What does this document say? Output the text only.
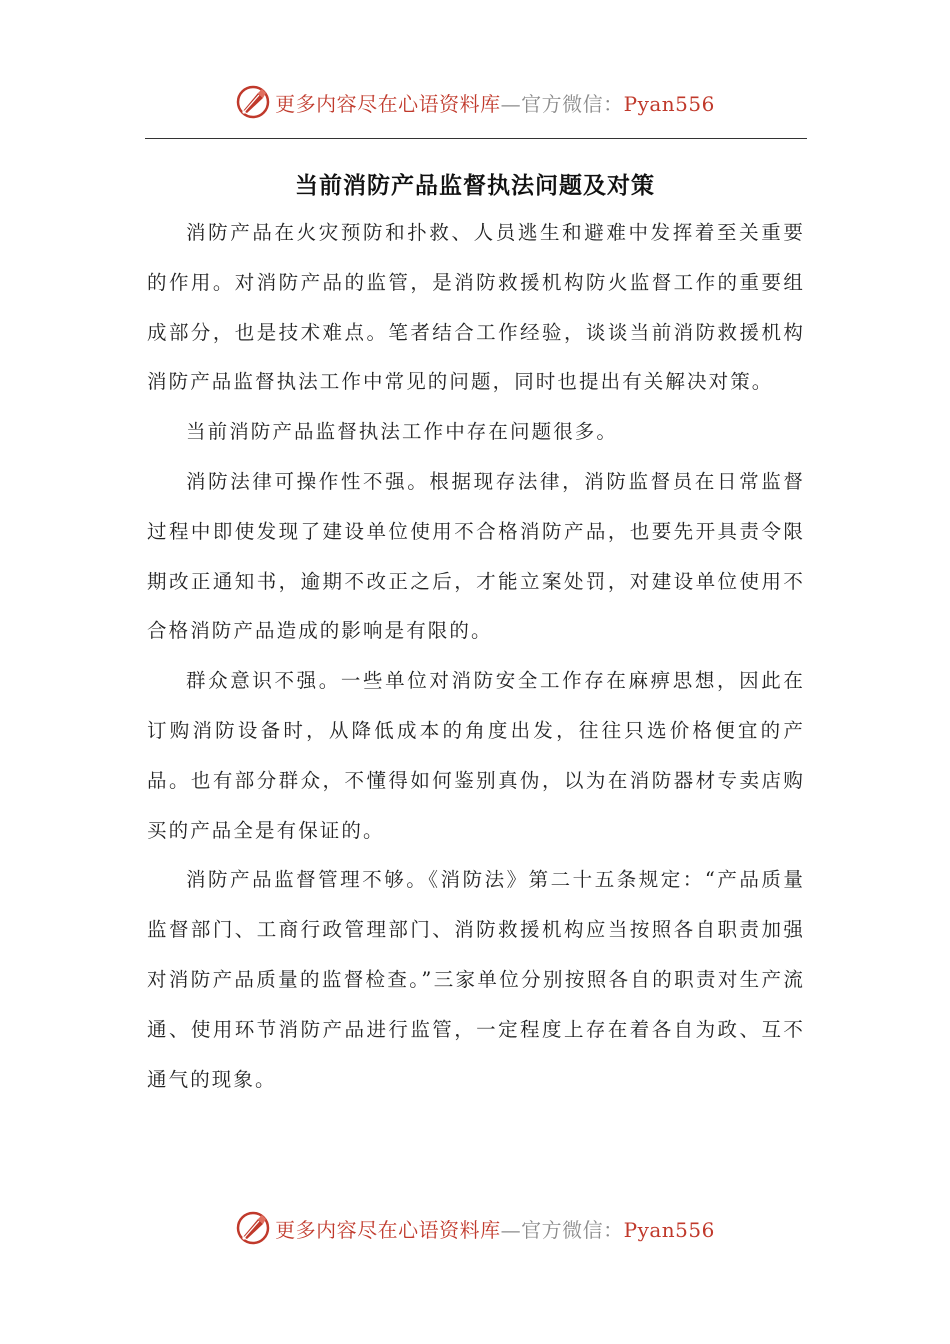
更多内容尽在心语资料库—官方微信：Pyan556
当前消防产品监督执法问题及对策

消防产品在火灾预防和扑救、人员逃生和避难中发挥着至关重要的作用。对消防产品的监管，是消防救援机构防火监督工作的重要组成部分，也是技术难点。笔者结合工作经验，谈谈当前消防救援机构消防产品监督执法工作中常见的问题，同时也提出有关解决对策。

当前消防产品监督执法工作中存在问题很多。

消防法律可操作性不强。根据现存法律，消防监督员在日常监督过程中即使发现了建设单位使用不合格消防产品，也要先开具责令限期改正通知书，逾期不改正之后，才能立案处罚，对建设单位使用不合格消防产品造成的影响是有限的。

群众意识不强。一些单位对消防安全工作存在麻痹思想，因此在订购消防设备时，从降低成本的角度出发，往往只选价格便宜的产品。也有部分群众，不懂得如何鉴别真伪，以为在消防器材专卖店购买的产品全是有保证的。

消防产品监督管理不够。《消防法》第二十五条规定：“产品质量监督部门、工商行政管理部门、消防救援机构应当按照各自职责加强对消防产品质量的监督检查。”三家单位分别按照各自的职责对生产流通、使用环节消防产品进行监管，一定程度上存在着各自为政、互不通气的现象。

更多内容尽在心语资料库—官方微信：Pyan556
